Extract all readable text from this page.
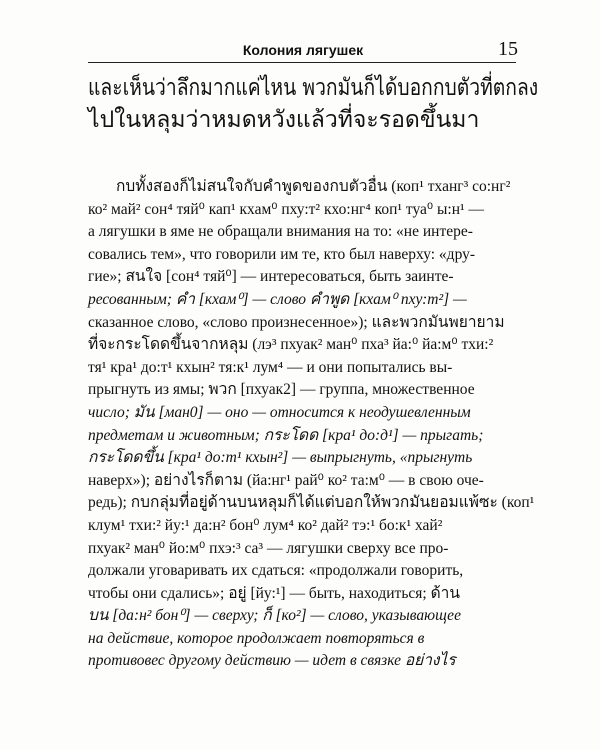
Колония лягушек	15
และเห็นว่าลึกมากแค่ไหน พวกมันก็ได้บอกกบตัวที่ตกลง
ไปในหลุมว่าหมดหวังแล้วที่จะรอดขึ้นมา
กบทั้งสองก็ไม่สนใจกับคำพูดของกบตัวอื่น (коп¹ тханг³ со:нг²
ко² май² сон⁴ тяй⁰ кап¹ кхам⁰ пху:т² кхо:нг⁴ коп¹ туа⁰ ы:н¹ —
а лягушки в яме не обращали внимания на то: «не интере-
совались тем», что говорили им те, кто был наверху: «дру-
гие»; สนใจ [сон⁴ тяй⁰] — интересоваться, быть заинте-
ресованным; คำ [кхам⁰] — слово คำพูด [кхам⁰ пху:т²] —
сказанное слово, «слово произнесенное»); และพวกมันพยายาม
ที่จะกระโดดขึ้นจากหลุม (лэ³ пхуак² ман⁰ пха³ йа:⁰ йа:м⁰ тхи:²
тя¹ кра¹ до:т¹ кхын² тя:к¹ лум⁴ — и они попытались вы-
прыгнуть из ямы; พวก [пхуак2] — группа, множественное
число; มัน [ман0] — оно — относится к неодушевленным
предметам и животным; กระโดด [кра¹ до:д¹] — прыгать;
กระโดดขึ้น [кра¹ до:т¹ кхын²] — выпрыгнуть, «прыгнуть
наверх»); อย่างไรก็ตาม (йа:нг¹ рай⁰ ко² та:м⁰ — в свою оче-
редь); กบกลุ่มที่อยู่ด้านบนหลุมก็ได้แต่บอกให้พวกมันยอมแพ้ซะ (коп¹
клум¹ тхи:² йу:¹ да:н² бон⁰ лум⁴ ко² дай² тэ:¹ бо:к¹ хай²
пхуак² ман⁰ йо:м⁰ пхэ:³ са³ — лягушки сверху все про-
должали уговаривать их сдаться: «продолжали говорить,
чтобы они сдались»; อยู่ [йу:¹] — быть, находиться; ด้าน
บน [да:н² бон⁰] — сверху; ก็ [ко²] — слово, указывающее
на действие, которое продолжает повторяться в
противовес другому действию — идет в связке อย่างไร
